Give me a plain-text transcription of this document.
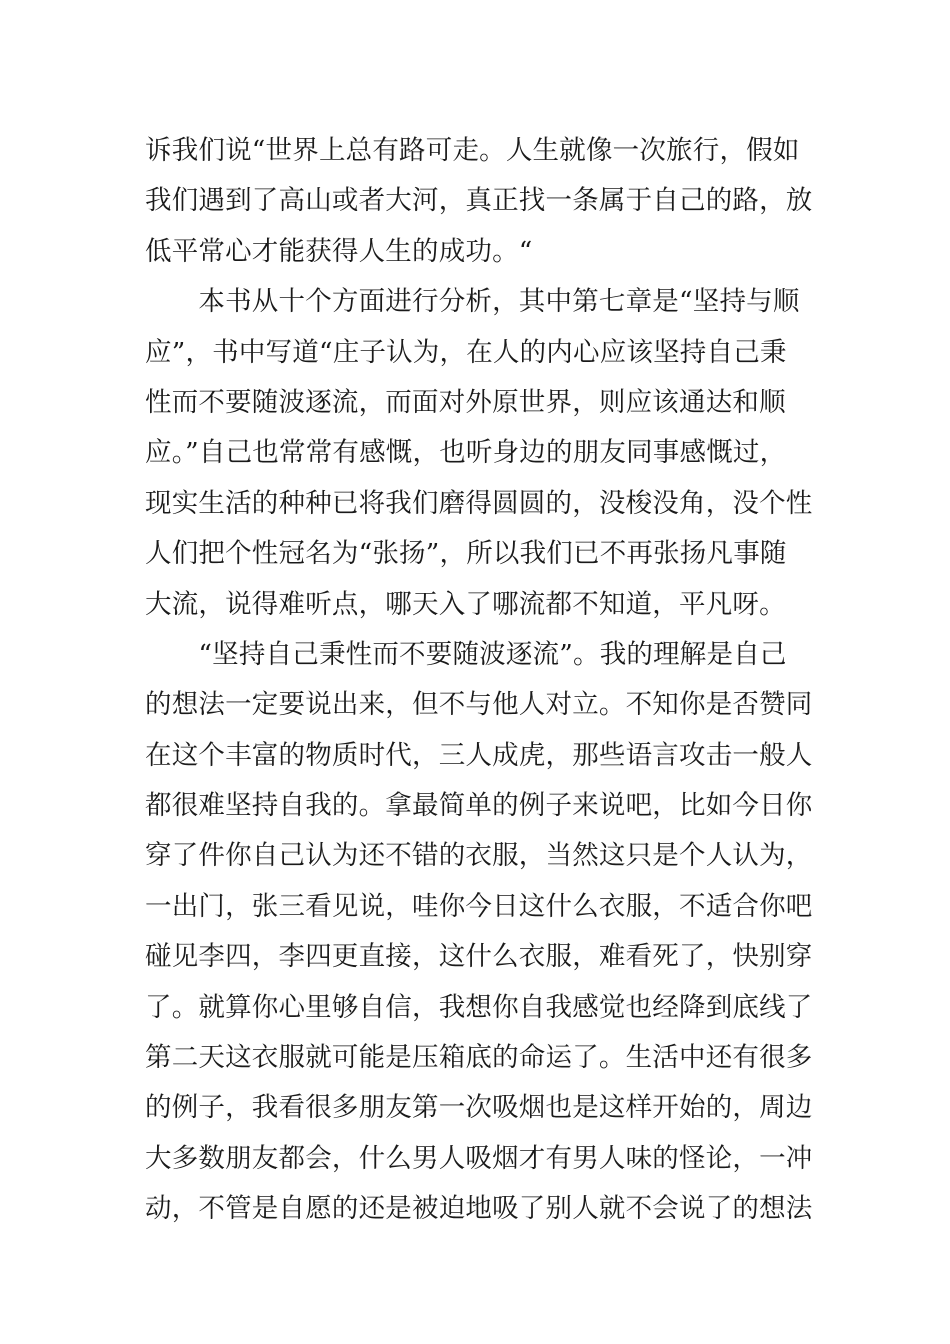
诉我们说“世界上总有路可走。人生就像一次旅行，假如
我们遇到了高山或者大河，真正找一条属于自己的路，放
低平常心才能获得人生的成功。“
　　本书从十个方面进行分析，其中第七章是“坚持与顺
应”，书中写道“庄子认为，在人的内心应该坚持自己秉
性而不要随波逐流，而面对外原世界，则应该通达和顺
应。”自己也常常有感慨，也听身边的朋友同事感慨过，
现实生活的种种已将我们磨得圆圆的，没梭没角，没个性
人们把个性冠名为“张扬”，所以我们已不再张扬凡事随
大流，说得难听点，哪天入了哪流都不知道，平凡呀。
　　“坚持自己秉性而不要随波逐流”。我的理解是自己
的想法一定要说出来，但不与他人对立。不知你是否赞同
在这个丰富的物质时代，三人成虎，那些语言攻击一般人
都很难坚持自我的。拿最简单的例子来说吧，比如今日你
穿了件你自己认为还不错的衣服，当然这只是个人认为，
一出门，张三看见说，哇你今日这什么衣服，不适合你吧
碰见李四，李四更直接，这什么衣服，难看死了，快别穿
了。就算你心里够自信，我想你自我感觉也经降到底线了
第二天这衣服就可能是压箱底的命运了。生活中还有很多
的例子，我看很多朋友第一次吸烟也是这样开始的，周边
大多数朋友都会，什么男人吸烟才有男人味的怪论，一冲
动，不管是自愿的还是被迫地吸了别人就不会说了的想法
